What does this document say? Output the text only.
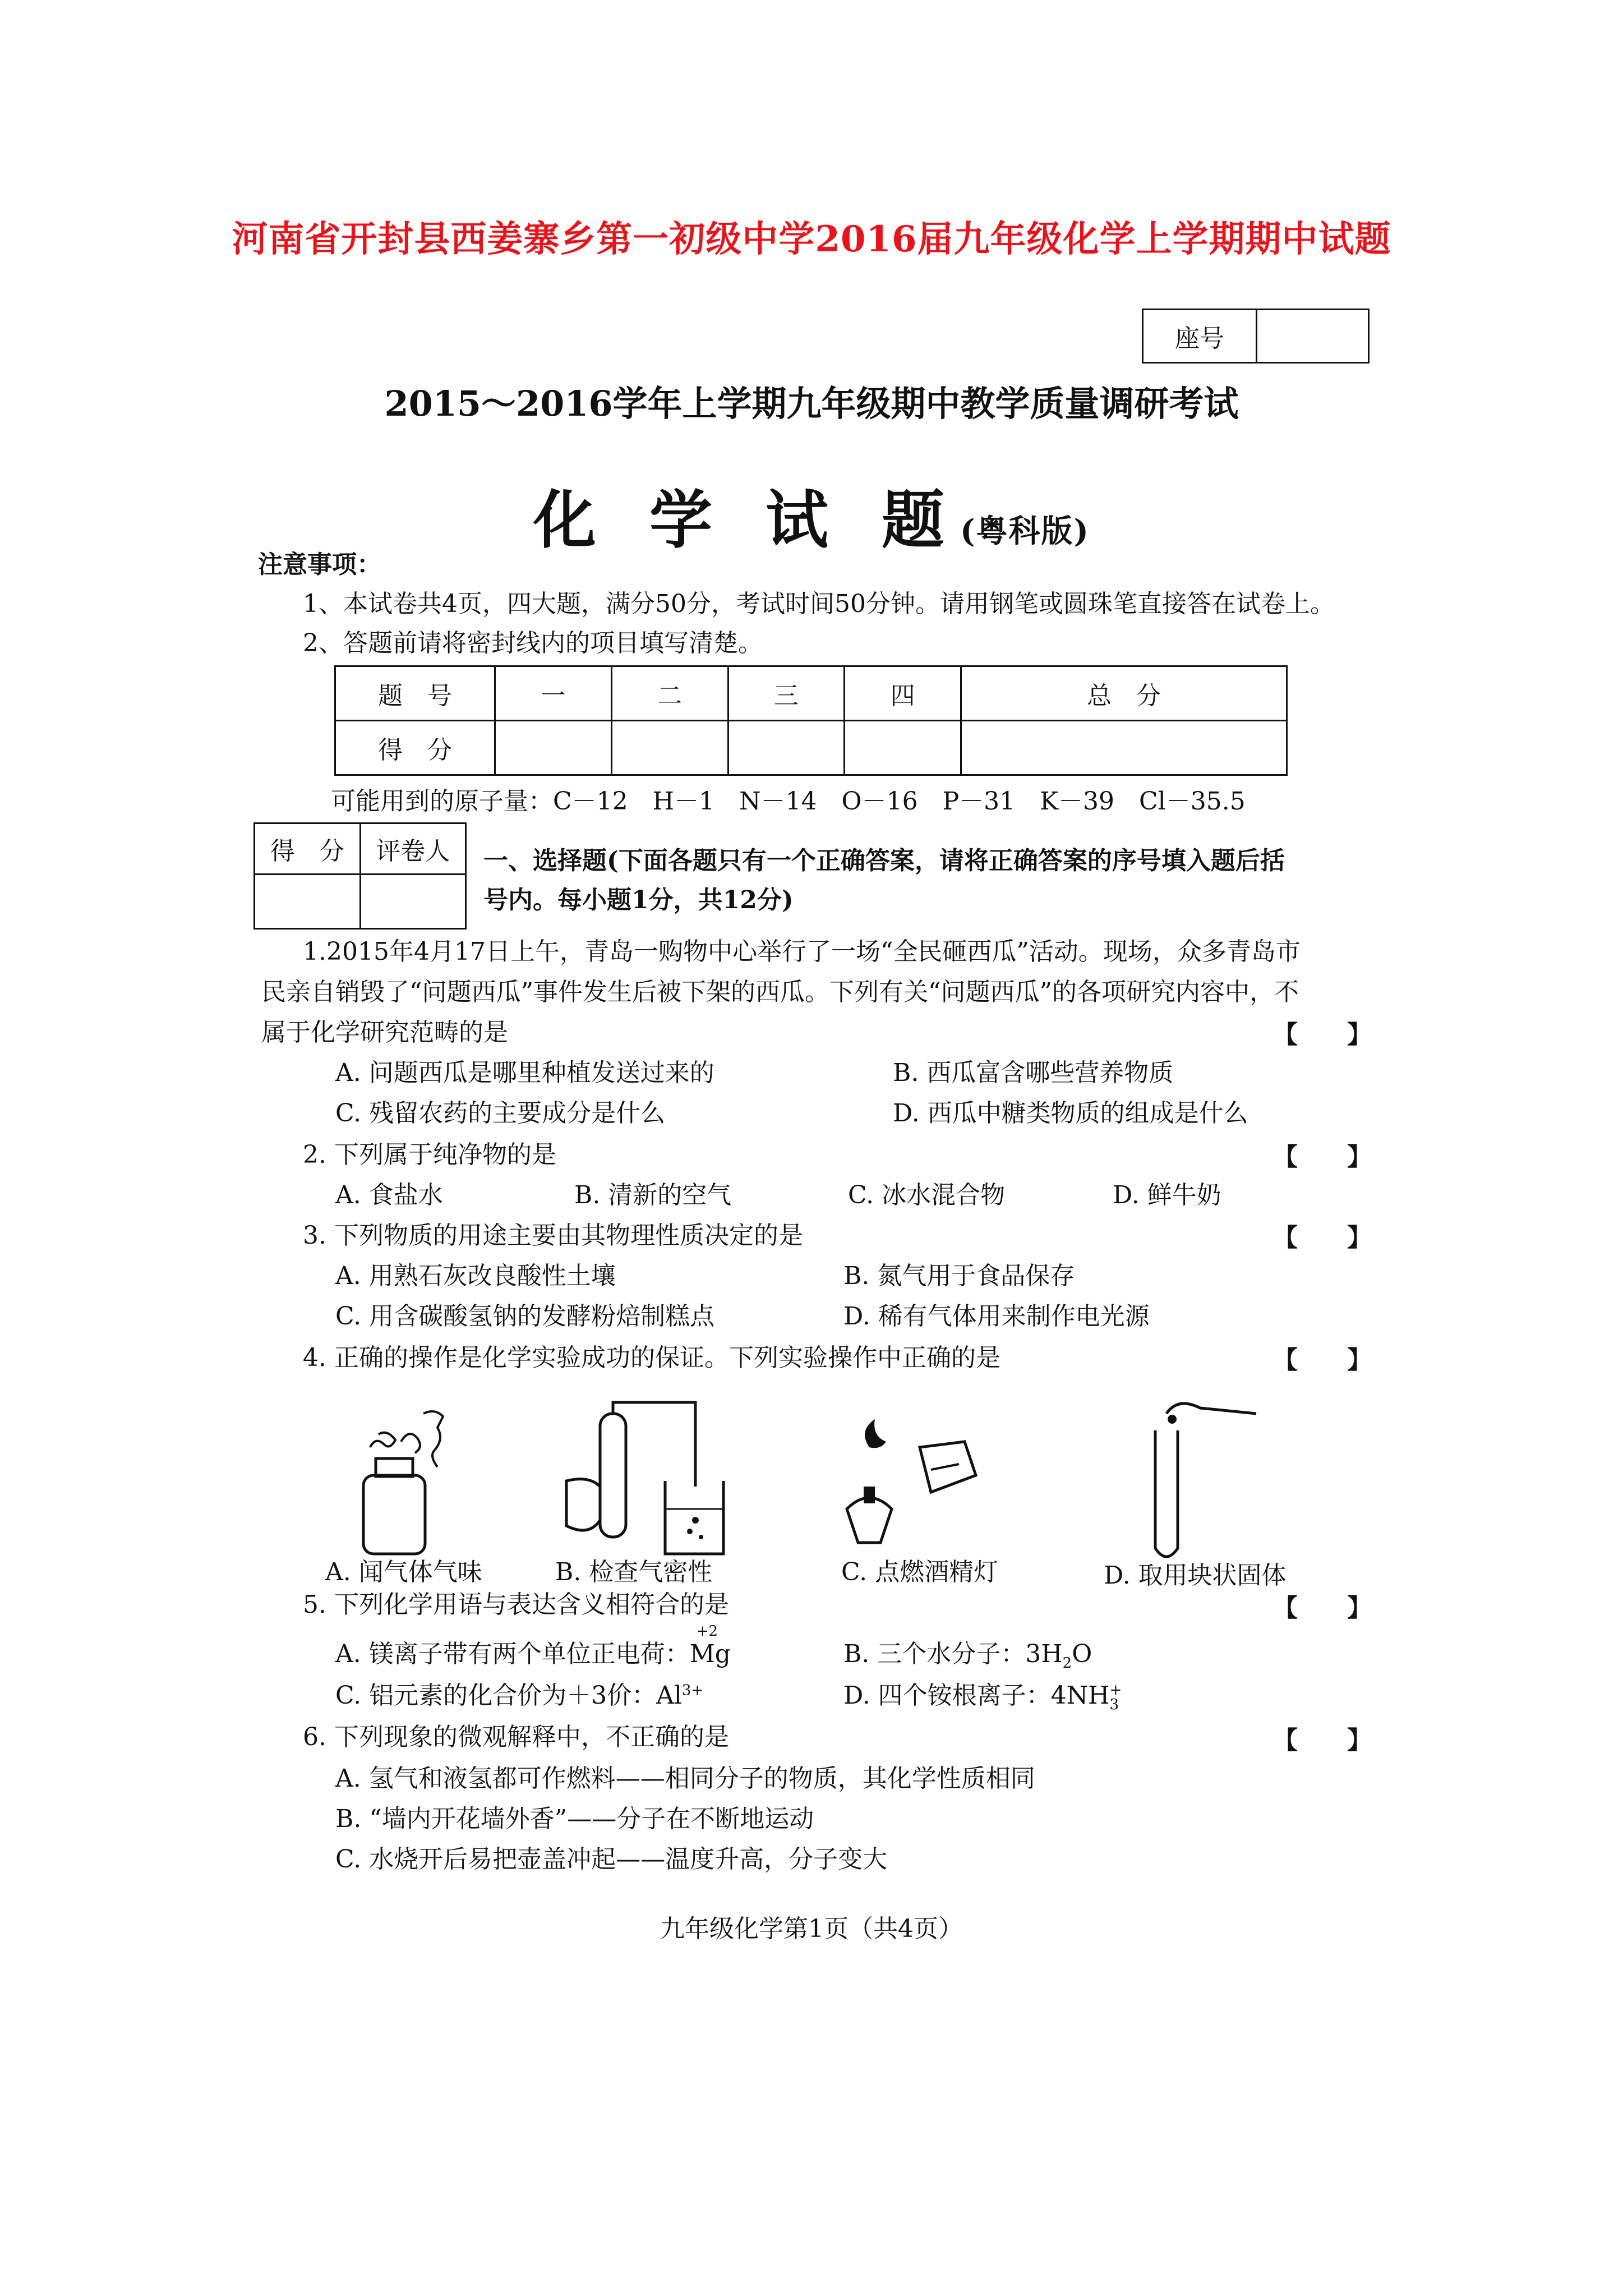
河南省开封县西姜寨乡第一初级中学2016届九年级化学上学期期中试题
座号
2015～2016学年上学期九年级期中教学质量调研考试
化 学 试 题(粤科版)
注意事项：
1、本试卷共4页，四大题，满分50分，考试时间50分钟。请用钢笔或圆珠笔直接答在试卷上。
2、答题前请将密封线内的项目填写清楚。
题　号	一	二	三	四	总　分
得　分					
可能用到的原子量：C－12　H－1　N－14　O－16　P－31　K－39　Cl－35.5
得　分	评卷人
	一、选择题(下面各题只有一个正确答案，请将正确答案的序号填入题后括
号内。每小题1分，共12分)
1.2015年4月17日上午，青岛一购物中心举行了一场“全民砸西瓜”活动。现场，众多青岛市
民亲自销毁了“问题西瓜”事件发生后被下架的西瓜。下列有关“问题西瓜”的各项研究内容中，不
属于化学研究范畴的是	【　　】
A. 问题西瓜是哪里种植发送过来的	B. 西瓜富含哪些营养物质
C. 残留农药的主要成分是什么	D. 西瓜中糖类物质的组成是什么
2. 下列属于纯净物的是	【　　】
A. 食盐水	B. 清新的空气	C. 冰水混合物	D. 鲜牛奶
3. 下列物质的用途主要由其物理性质决定的是	【　　】
A. 用熟石灰改良酸性土壤	B. 氮气用于食品保存
C. 用含碳酸氢钠的发酵粉焙制糕点	D. 稀有气体用来制作电光源
4. 正确的操作是化学实验成功的保证。下列实验操作中正确的是	【　　】
A. 闻气体气味	B. 检查气密性	C. 点燃酒精灯	D. 取用块状固体
5. 下列化学用语与表达含义相符合的是	【　　】
A. 镁离子带有两个单位正电荷：
+2
Mg	B. 三个水分子：$3H_2O$
C. 铝元素的化合价为＋3价：$Al^{3+}$	D. 四个铵根离子：4NH +
3
6. 下列现象的微观解释中，不正确的是	【　　】
A. 氢气和液氢都可作燃料——相同分子的物质，其化学性质相同
B. “墙内开花墙外香”——分子在不断地运动
C. 水烧开后易把壶盖冲起——温度升高，分子变大
九年级化学第1页（共4页）
